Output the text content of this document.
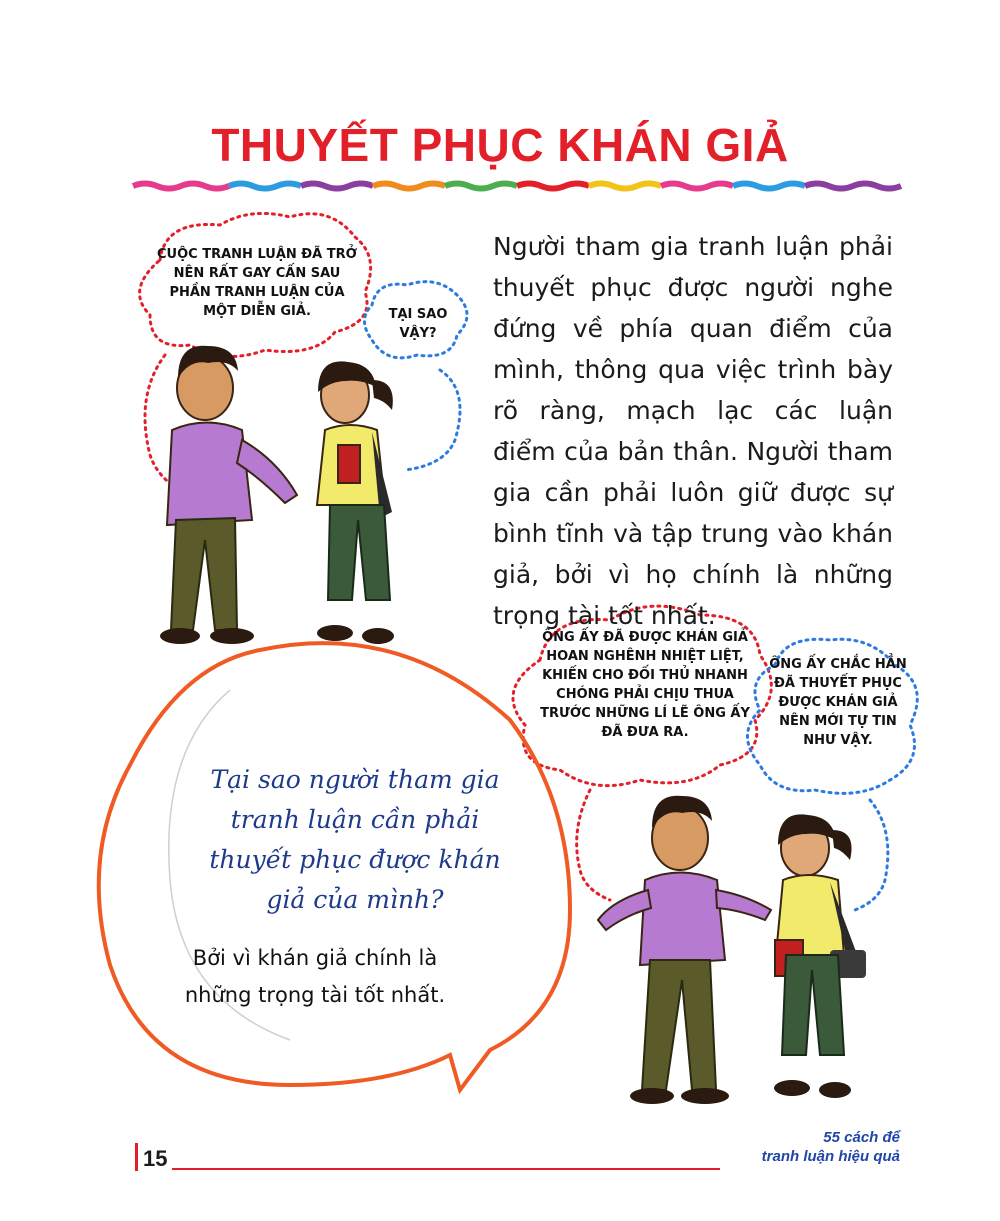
THUYẾT PHỤC KHÁN GIẢ
Người tham gia tranh luận phải thuyết phục được người nghe đứng về phía quan điểm của mình, thông qua việc trình bày rõ ràng, mạch lạc các luận điểm của bản thân. Người tham gia cần phải luôn giữ được sự bình tĩnh và tập trung vào khán giả, bởi vì họ chính là những trọng tài tốt nhất.
CUỘC TRANH LUẬN ĐÃ TRỞ NÊN RẤT GAY CẤN SAU PHẦN TRANH LUẬN CỦA MỘT DIỄN GIẢ.	TẠI SAO VẬY?
ÔNG ẤY ĐÃ ĐƯỢC KHÁN GIẢ HOAN NGHÊNH NHIỆT LIỆT, KHIẾN CHO ĐỐI THỦ NHANH CHÓNG PHẢI CHỊU THUA TRƯỚC NHỮNG LÍ LẼ ÔNG ẤY ĐÃ ĐƯA RA.
ÔNG ẤY CHẮC HẲN ĐÃ THUYẾT PHỤC ĐƯỢC KHÁN GIẢ NÊN MỚI TỰ TIN NHƯ VẬY.
Tại sao người tham gia tranh luận cần phải thuyết phục được khán giả của mình?
Bởi vì khán giả chính là những trọng tài tốt nhất.
15
55 cách để
tranh luận hiệu quả
